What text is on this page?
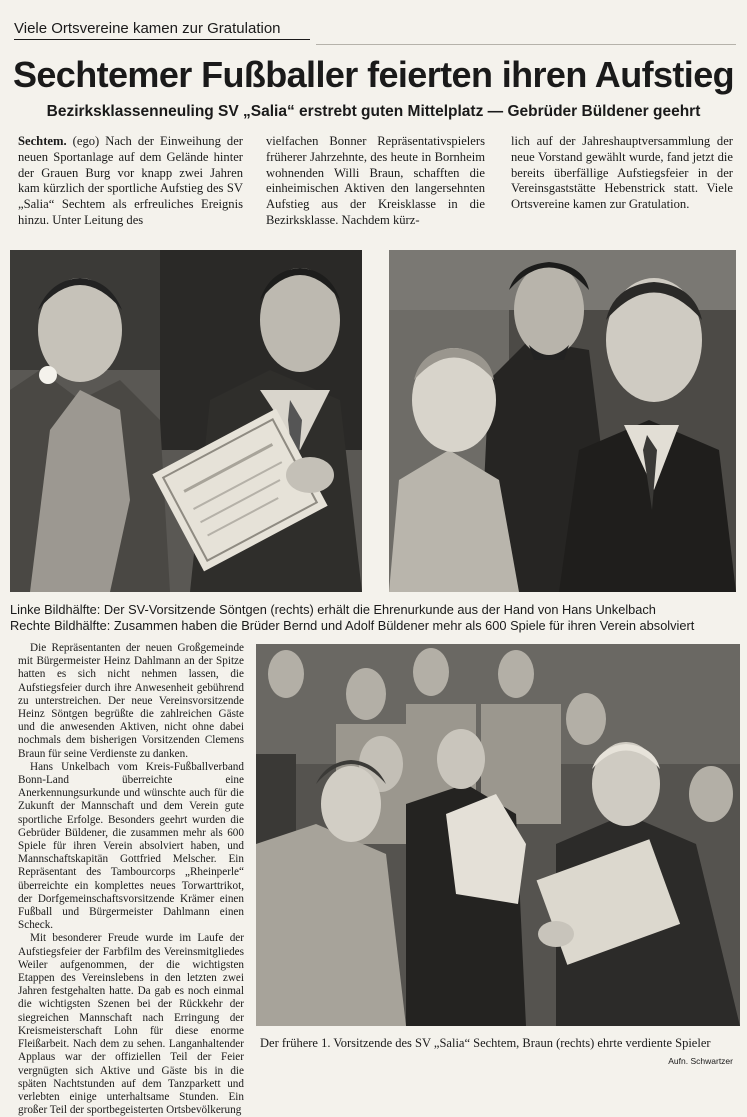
Viele Ortsvereine kamen zur Gratulation
Sechtemer Fußballer feierten ihren Aufstieg
Bezirksklassenneuling SV „Salia“ erstrebt guten Mittelplatz — Gebrüder Büldener geehrt

Sechtem. (ego) Nach der Einweihung der neuen Sportanlage auf dem Gelände hinter der Grauen Burg vor knapp zwei Jahren kam kürzlich der sportliche Aufstieg des SV „Salia“ Sechtem als erfreuliches Ereignis hinzu. Unter Leitung des

vielfachen Bonner Repräsentativspielers früherer Jahrzehnte, des heute in Bornheim wohnenden Willi Braun, schafften die einheimischen Aktiven den langersehnten Aufstieg aus der Kreisklasse in die Bezirksklasse. Nachdem kürz-

lich auf der Jahreshauptversammlung der neue Vorstand gewählt wurde, fand jetzt die bereits überfällige Aufstiegsfeier in der Vereinsgaststätte Hebenstrick statt. Viele Ortsvereine kamen zur Gratulation.

Linke Bildhälfte: Der SV-Vorsitzende Söntgen (rechts) erhält die Ehrenurkunde aus der Hand von Hans Unkelbach
Rechte Bildhälfte: Zusammen haben die Brüder Bernd und Adolf Büldener mehr als 600 Spiele für ihren Verein absolviert

Die Repräsentanten der neuen Großgemeinde mit Bürgermeister Heinz Dahlmann an der Spitze hatten es sich nicht nehmen lassen, die Aufstiegsfeier durch ihre Anwesenheit gebührend zu unterstreichen. Der neue Vereinsvorsitzende Heinz Söntgen begrüßte die zahlreichen Gäste und die anwesenden Aktiven, nicht ohne dabei nochmals dem bisherigen Vorsitzenden Clemens Braun für seine Verdienste zu danken.

Hans Unkelbach vom Kreis-Fußballverband Bonn-Land überreichte eine Anerkennungsurkunde und wünschte auch für die Zukunft der Mannschaft und dem Verein gute sportliche Erfolge. Besonders geehrt wurden die Gebrüder Büldener, die zusammen mehr als 600 Spiele für ihren Verein absolviert haben, und Mannschaftskapitän Gottfried Melscher. Ein Repräsentant des Tambourcorps „Rheinperle“ überreichte ein komplettes neues Torwarttrikot, der Dorfgemeinschaftsvorsitzende Krämer einen Fußball und Bürgermeister Dahlmann einen Scheck.

Mit besonderer Freude wurde im Laufe der Aufstiegsfeier der Farbfilm des Vereinsmitgliedes Weiler aufgenommen, der die wichtigsten Etappen des Vereinslebens in den letzten zwei Jahren festgehalten hatte. Da gab es noch einmal die wichtigsten Szenen bei der Rückkehr der siegreichen Mannschaft nach Erringung der Kreismeisterschaft Lohn für diese enorme Fleißarbeit. Nach dem zu sehen. Langanhaltender Applaus war der offiziellen Teil der Feier vergnügten sich Aktive und Gäste bis in die späten Nachtstunden auf dem Tanzparkett und verlebten einige unterhaltsame Stunden. Ein großer Teil der sportbegeisterten Ortsbevölkerung

Der frühere 1. Vorsitzende des SV „Salia“ Sechtem, Braun (rechts) ehrte verdiente Spieler
Aufn. Schwartzer
